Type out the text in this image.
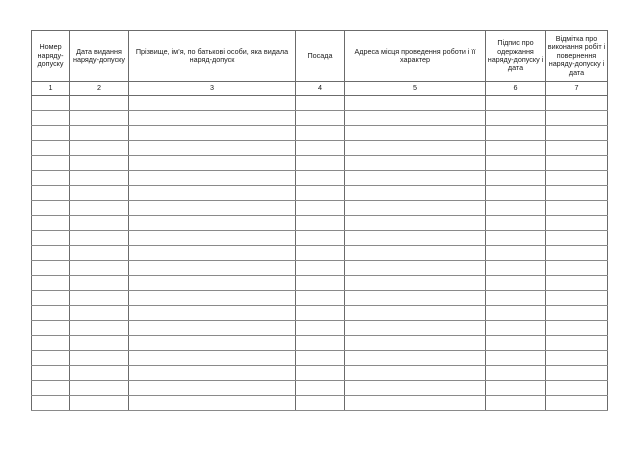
Номер наряду-допуску	Дата видання наряду-допуску	Прізвище, ім’я, по батькові особи, яка видала наряд-допуск	Посада	Адреса місця проведення роботи і її характер	Підпис про одержання наряду-допуску і дата	Відмітка про виконання робіт і повернення наряду-допуску і дата
1	2	3	4	5	6	7
